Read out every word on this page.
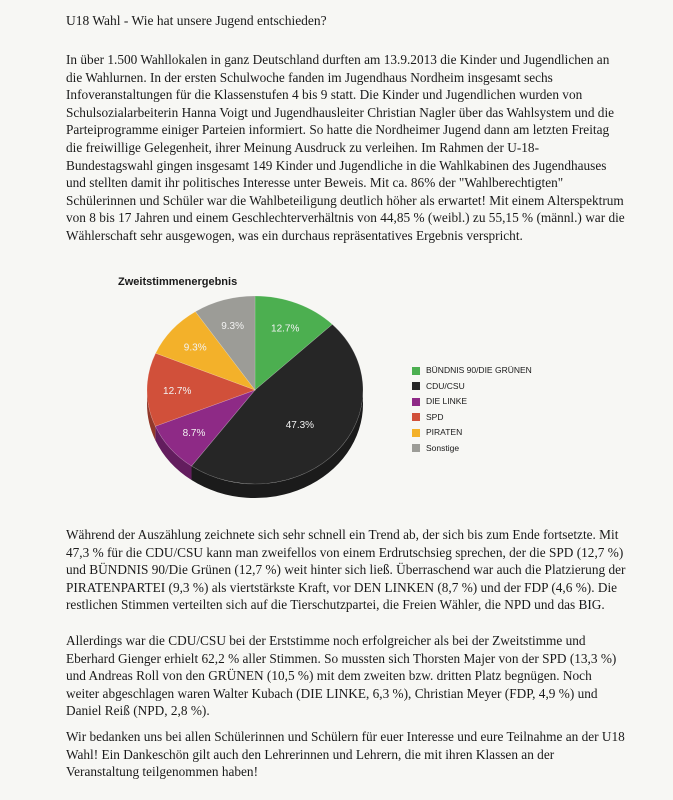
U18 Wahl - Wie hat unsere Jugend entschieden?

In über 1.500 Wahllokalen in ganz Deutschland durften am 13.9.2013 die Kinder und Jugendlichen an die Wahlurnen. In der ersten Schulwoche fanden im Jugendhaus Nordheim insgesamt sechs Infoveranstaltungen für die Klassenstufen 4 bis 9 statt. Die Kinder und Jugendlichen wurden von Schulsozialarbeiterin Hanna Voigt und Jugendhausleiter Christian Nagler über das Wahlsystem und die Parteiprogramme einiger Parteien informiert. So hatte die Nordheimer Jugend dann am letzten Freitag die freiwillige Gelegenheit, ihrer Meinung Ausdruck zu verleihen. Im Rahmen der U-18-Bundestagswahl gingen insgesamt 149 Kinder und Jugendliche in die Wahlkabinen des Jugendhauses und stellten damit ihr politisches Interesse unter Beweis. Mit ca. 86% der "Wahlberechtigten" Schülerinnen und Schüler war die Wahlbeteiligung deutlich höher als erwartet! Mit einem Alterspektrum von 8 bis 17 Jahren und einem Geschlechterverhältnis von 44,85 % (weibl.) zu 55,15 % (männl.) war die Wählerschaft sehr ausgewogen, was ein durchaus repräsentatives Ergebnis verspricht.

Zweitstimmenergebnis
12.7%
47.3%
8.7%
12.7%
9.3%
9.3%
BÜNDNIS 90/DIE GRÜNEN
CDU/CSU
DIE LINKE
SPD
PIRATEN
Sonstige

Während der Auszählung zeichnete sich sehr schnell ein Trend ab, der sich bis zum Ende fortsetzte. Mit 47,3 % für die CDU/CSU kann man zweifellos von einem Erdrutschsieg sprechen, der die SPD (12,7 %) und BÜNDNIS 90/Die Grünen (12,7 %) weit hinter sich ließ. Überraschend war auch die Platzierung der PIRATENPARTEI (9,3 %) als viertstärkste Kraft, vor DEN LINKEN (8,7 %) und der FDP (4,6 %). Die restlichen Stimmen verteilten sich auf die Tierschutzpartei, die Freien Wähler, die NPD und das BIG.

Allerdings war die CDU/CSU bei der Erststimme noch erfolgreicher als bei der Zweitstimme und Eberhard Gienger erhielt 62,2 % aller Stimmen. So mussten sich Thorsten Majer von der SPD (13,3 %) und Andreas Roll von den GRÜNEN (10,5 %) mit dem zweiten bzw. dritten Platz begnügen. Noch weiter abgeschlagen waren Walter Kubach (DIE LINKE, 6,3 %), Christian Meyer (FDP, 4,9 %) und Daniel Reiß (NPD, 2,8 %).

Wir bedanken uns bei allen Schülerinnen und Schülern für euer Interesse und eure Teilnahme an der U18 Wahl! Ein Dankeschön gilt auch den Lehrerinnen und Lehrern, die mit ihren Klassen an der Veranstaltung teilgenommen haben!
